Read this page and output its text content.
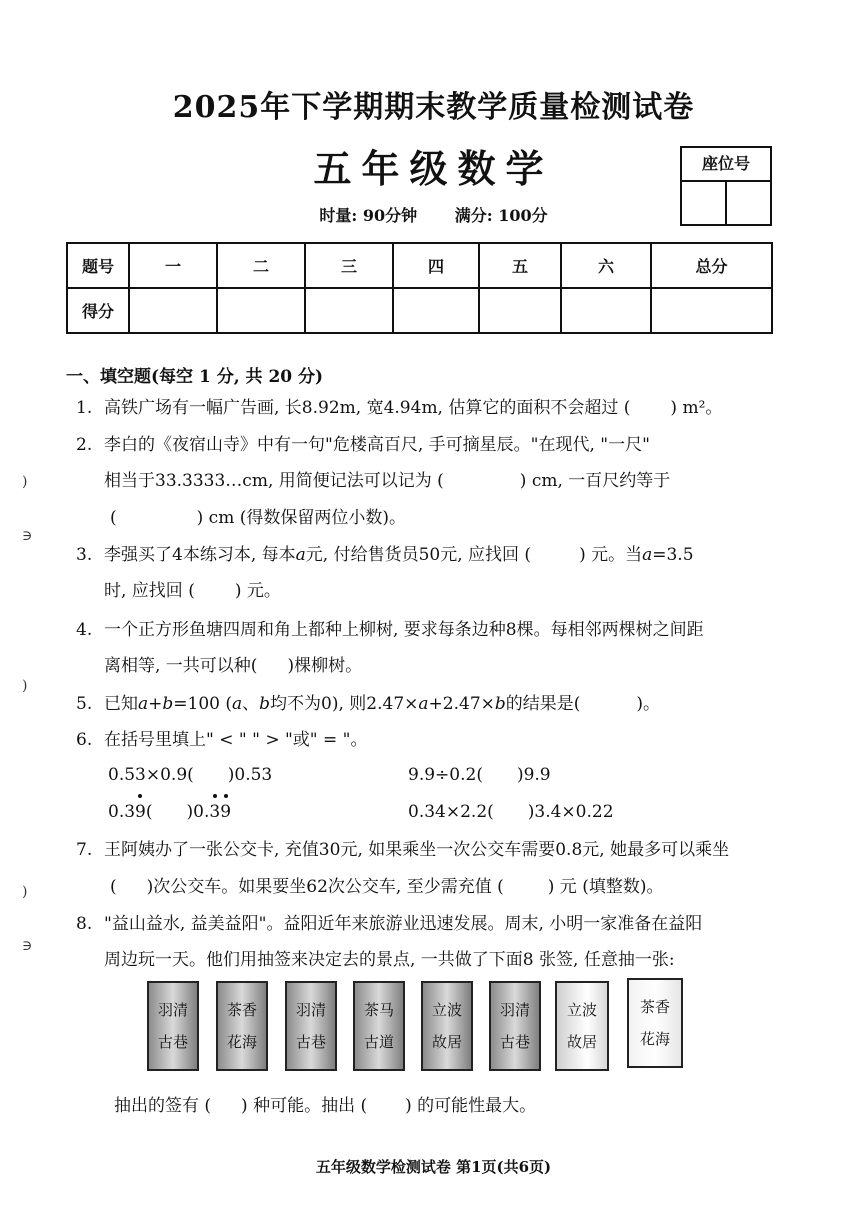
2025年下学期期末教学质量检测试卷
五年级数学
时量: 90分钟 满分: 100分
座位号
题号	一	二	三	四	五	六	总分
得分							
一、填空题(每空 1 分, 共 20 分)
1. 高铁广场有一幅广告画, 长8.92m, 宽4.94m, 估算它的面积不会超过 ( ) m²。
2. 李白的《夜宿山寺》中有一句"危楼高百尺, 手可摘星辰。"在现代, "一尺"
相当于33.3333…cm, 用简便记法可以记为 (	) cm, 一百尺约等于
(	) cm (得数保留两位小数)。
3. 李强买了4本练习本, 每本a元, 付给售货员50元, 应找回 (	) 元。当a=3.5
时, 应找回 ( ) 元。
4. 一个正方形鱼塘四周和角上都种上柳树, 要求每条边种8棵。每相邻两棵树之间距
离相等, 一共可以种( )棵柳树。
5. 已知a+b=100 (a、b均不为0), 则2.47×a+2.47×b的结果是(	)。
6. 在括号里填上" < " " > "或" = "。
0.53×0.9( )0.53	9.9÷0.2( )9.9
0.39( )0.39	0.34×2.2( )3.4×0.22
7. 王阿姨办了一张公交卡, 充值30元, 如果乘坐一次公交车需要0.8元, 她最多可以乘坐
( )次公交车。如果要坐62次公交车, 至少需充值 (	) 元 (填整数)。
8. "益山益水, 益美益阳"。益阳近年来旅游业迅速发展。周末, 小明一家准备在益阳
周边玩一天。他们用抽签来决定去的景点, 一共做了下面8 张签, 任意抽一张:
羽清
古巷
茶香
花海
羽清
古巷
茶马
古道
立波
故居
羽清
古巷
立波
故居
茶香
花海
抽出的签有 ( ) 种可能。抽出 ( ) 的可能性最大。
五年级数学检测试卷 第1页(共6页)
)
∋
)
)
∋
